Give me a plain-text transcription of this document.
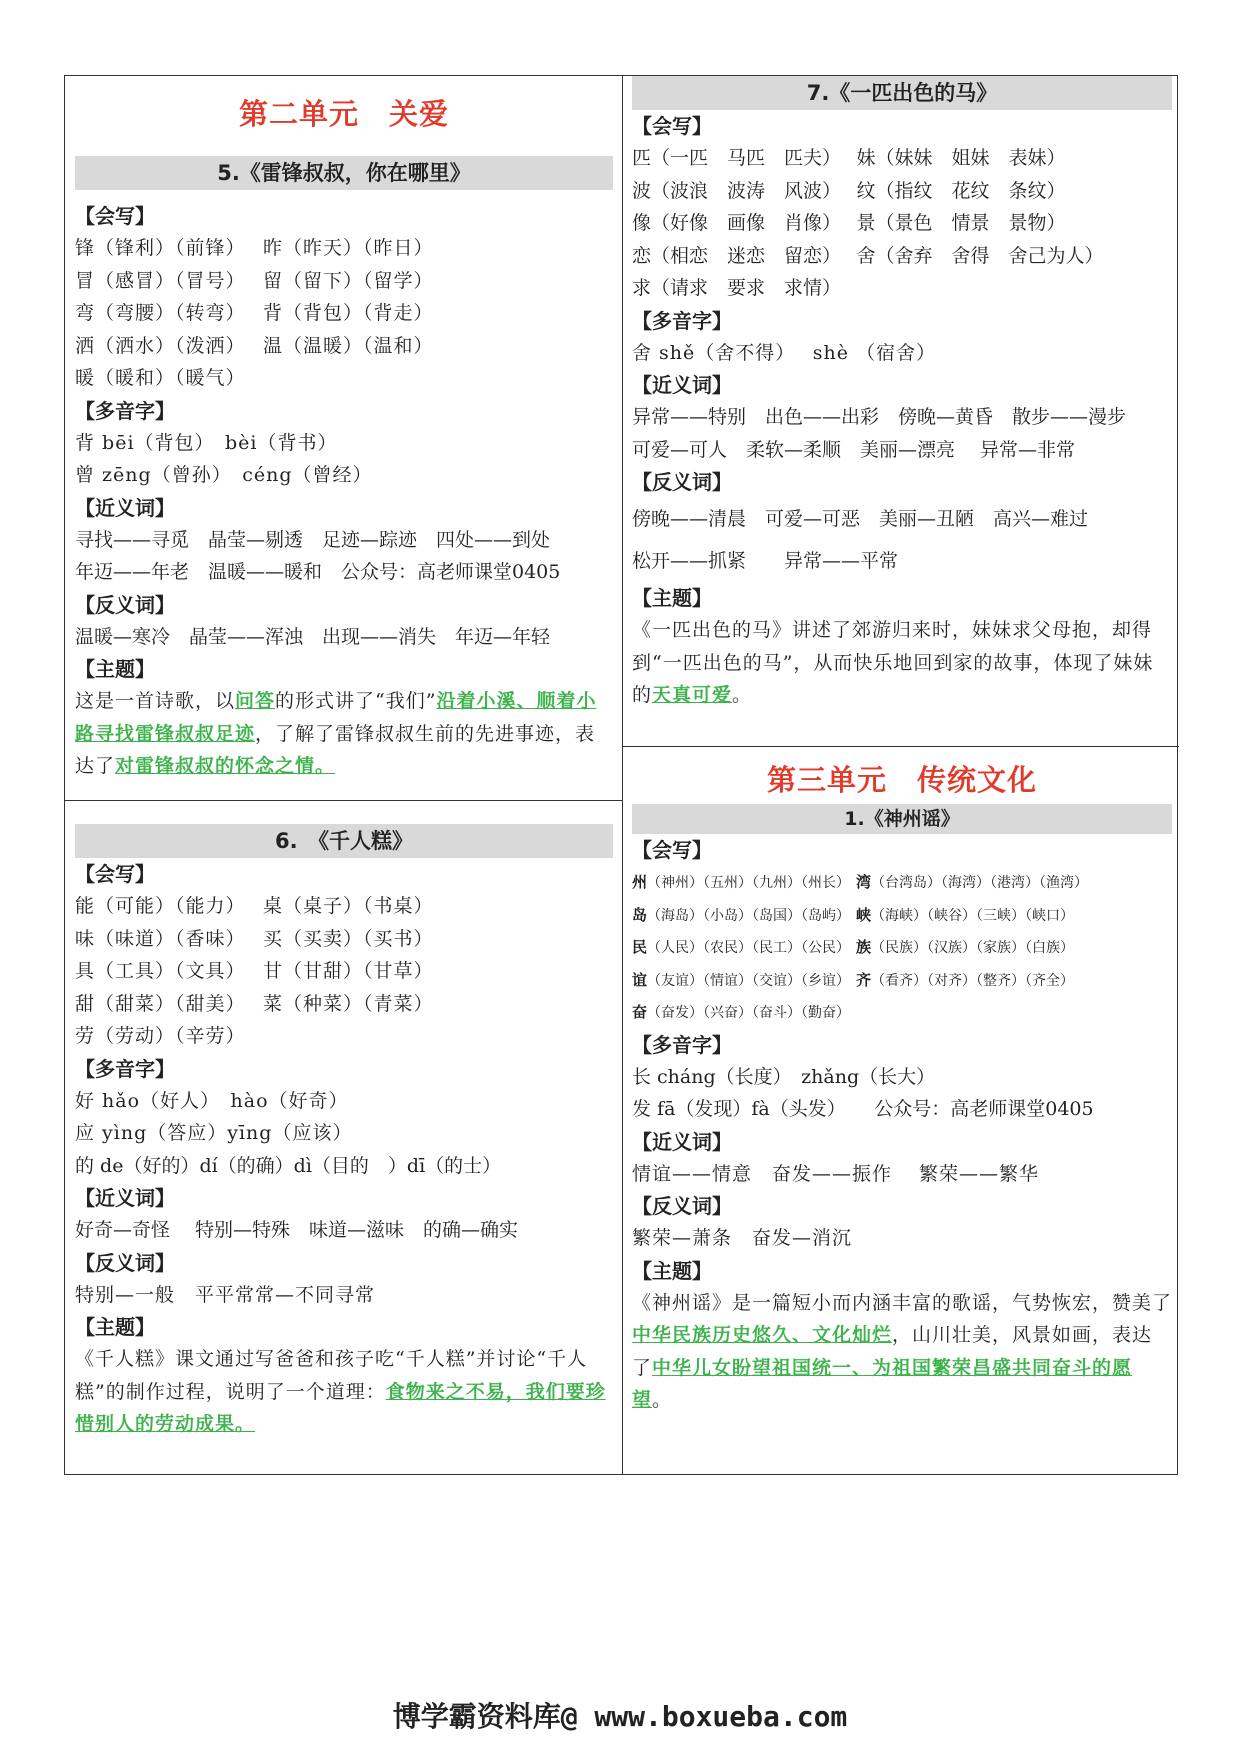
第二单元　关爱
5.《雷锋叔叔，你在哪里》
【会写】
锋（锋利）（前锋）　 昨（昨天）（昨日）
冒（感冒）（冒号）　 留（留下）（留学）
弯（弯腰）（转弯）　 背（背包）（背走）
洒（洒水）（泼洒）　 温（温暖）（温和）
暖（暖和）（暖气）
【多音字】
背 bēi（背包）　bèi（背书）
曾 zēng（曾孙）　céng（曾经）
【近义词】
寻找——寻觅　晶莹—剔透　足迹—踪迹　四处——到处
年迈——年老　温暖——暖和　公众号：高老师课堂0405
【反义词】
温暖—寒冷　晶莹——浑浊　出现——消失　年迈—年轻
【主题】
这是一首诗歌，以问答的形式讲了“我们”沿着小溪、顺着小路寻找雷锋叔叔足迹，了解了雷锋叔叔生前的先进事迹，表达了对雷锋叔叔的怀念之情。
6.　《千人糕》
【会写】
能（可能）（能力）　 桌（桌子）（书桌）
味（味道）（香味）　 买（买卖）（买书）
具（工具）（文具）　 甘（甘甜）（甘草）
甜（甜菜）（甜美）　 菜（种菜）（青菜）
劳（劳动）（辛劳）
【多音字】
好 hǎo（好人）　hào（好奇）
应 yìng（答应）yīng（应该）
的 de（好的）dí（的确）dì（目的　）dī（的士）
【近义词】
好奇—奇怪　 特别—特殊　味道—滋味　的确—确实
【反义词】
特别—一般　平平常常—不同寻常
【主题】
《千人糕》课文通过写爸爸和孩子吃“千人糕”并讨论“千人糕”的制作过程，说明了一个道理：食物来之不易，我们要珍惜别人的劳动成果。
7.《一匹出色的马》
【会写】
匹（一匹　马匹　匹夫）　 妹（妹妹　姐妹　表妹）
波（波浪　波涛　风波）　 纹（指纹　花纹　条纹）
像（好像　画像　肖像）　 景（景色　情景　景物）
恋（相恋　迷恋　留恋）　 舍（舍弃　舍得　舍己为人）
求（请求　要求　求情）
【多音字】
舍 shě（舍不得）　 shè （宿舍）
【近义词】
异常——特别　出色——出彩　傍晚—黄昏　散步——漫步
可爱—可人　柔软—柔顺　美丽—漂亮　 异常—非常
【反义词】
傍晚——清晨　可爱—可恶　美丽—丑陋　高兴—难过
松开——抓紧　　异常——平常
【主题】
《一匹出色的马》讲述了郊游归来时，妹妹求父母抱，却得到“一匹出色的马”，从而快乐地回到家的故事，体现了妹妹的天真可爱。
第三单元　传统文化
1.《神州谣》
【会写】
州（神州）（五州）（九州）（州长） 湾（台湾岛）（海湾）（港湾）（渔湾）
岛（海岛）（小岛）（岛国）（岛屿） 峡（海峡）（峡谷）（三峡）（峡口）
民（人民）（农民）（民工）（公民） 族（民族）（汉族）（家族）（白族）
谊（友谊）（情谊）（交谊）（乡谊） 齐（看齐）（对齐）（整齐）（齐全）
奋（奋发）（兴奋）（奋斗）（勤奋）
【多音字】
长 cháng（长度）　zhǎng（长大）
发 fā（发现）fà（头发）　　公众号：高老师课堂0405
【近义词】
情谊——情意　奋发——振作　 繁荣——繁华
【反义词】
繁荣—萧条　奋发—消沉
【主题】
《神州谣》是一篇短小而内涵丰富的歌谣，气势恢宏，赞美了中华民族历史悠久、文化灿烂，山川壮美，风景如画，表达了中华儿女盼望祖国统一、为祖国繁荣昌盛共同奋斗的愿望。
博学霸资料库@ www.boxueba.com
